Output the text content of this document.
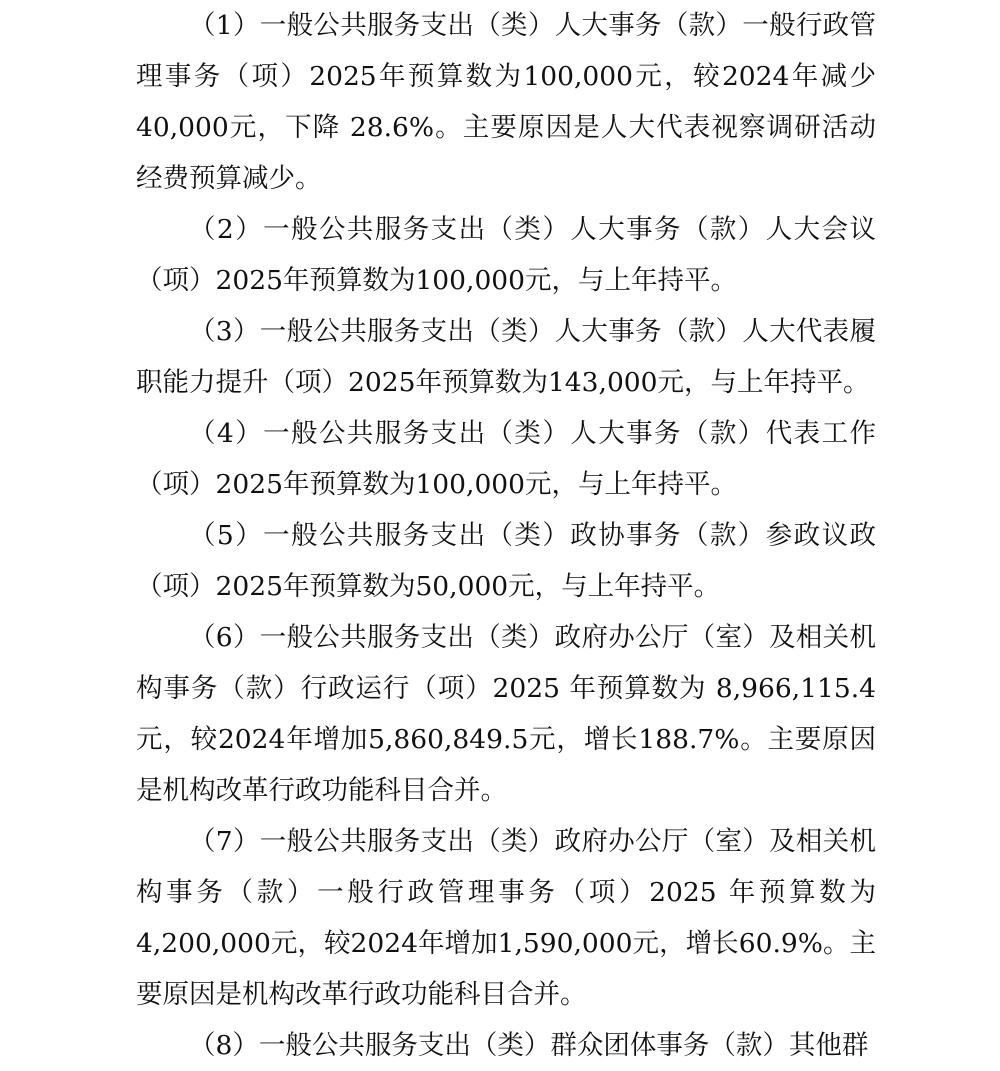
（1）一般公共服务支出（类）人大事务（款）一般行政管理事务（项）2025年预算数为100,000元，较2024年减少40,000元，下降 28.6%。主要原因是人大代表视察调研活动经费预算减少。

（2）一般公共服务支出（类）人大事务（款）人大会议（项）2025年预算数为100,000元，与上年持平。

（3）一般公共服务支出（类）人大事务（款）人大代表履职能力提升（项）2025年预算数为143,000元，与上年持平。

（4）一般公共服务支出（类）人大事务（款）代表工作（项）2025年预算数为100,000元，与上年持平。

（5）一般公共服务支出（类）政协事务（款）参政议政（项）2025年预算数为50,000元，与上年持平。

（6）一般公共服务支出（类）政府办公厅（室）及相关机构事务（款）行政运行（项）2025 年预算数为 8,966,115.4 元，较2024年增加5,860,849.5元，增长188.7%。主要原因是机构改革行政功能科目合并。

（7）一般公共服务支出（类）政府办公厅（室）及相关机构事务（款）一般行政管理事务（项）2025 年预算数为4,200,000元，较2024年增加1,590,000元，增长60.9%。主要原因是机构改革行政功能科目合并。

（8）一般公共服务支出（类）群众团体事务（款）其他群
